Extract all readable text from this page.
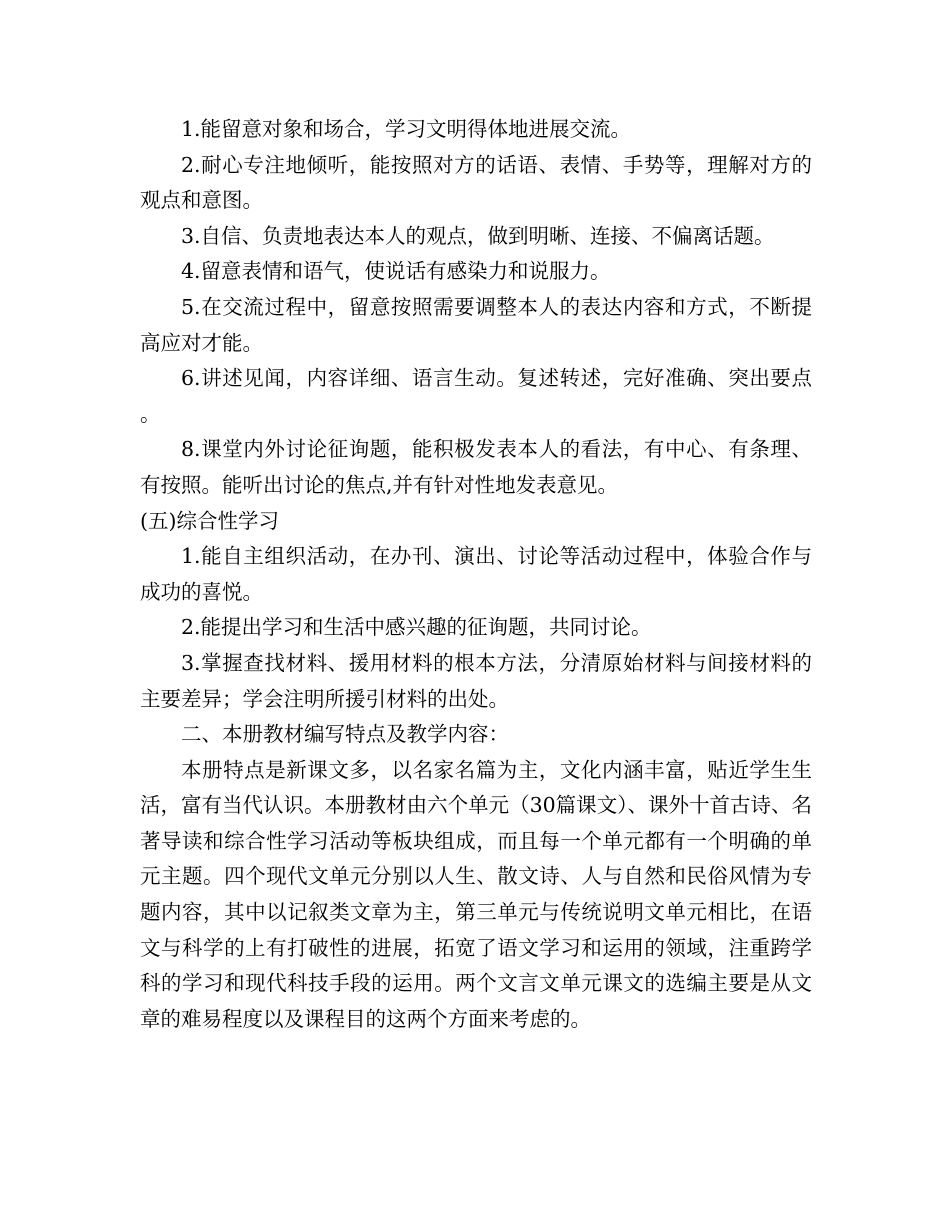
1.能留意对象和场合，学习文明得体地进展交流。

2.耐心专注地倾听，能按照对方的话语、表情、手势等，理解对方的观点和意图。

3.自信、负责地表达本人的观点，做到明晰、连接、不偏离话题。

4.留意表情和语气，使说话有感染力和说服力。

5.在交流过程中，留意按照需要调整本人的表达内容和方式，不断提高应对才能。

6.讲述见闻，内容详细、语言生动。复述转述，完好准确、突出要点。

8.课堂内外讨论征询题，能积极发表本人的看法，有中心、有条理、有按照。能听出讨论的焦点,并有针对性地发表意见。

(五)综合性学习

1.能自主组织活动，在办刊、演出、讨论等活动过程中，体验合作与成功的喜悦。

2.能提出学习和生活中感兴趣的征询题，共同讨论。

3.掌握查找材料、援用材料的根本方法，分清原始材料与间接材料的主要差异；学会注明所援引材料的出处。

二、本册教材编写特点及教学内容：

本册特点是新课文多，以名家名篇为主，文化内涵丰富，贴近学生生活，富有当代认识。本册教材由六个单元（30篇课文）、课外十首古诗、名著导读和综合性学习活动等板块组成，而且每一个单元都有一个明确的单元主题。四个现代文单元分别以人生、散文诗、人与自然和民俗风情为专题内容，其中以记叙类文章为主，第三单元与传统说明文单元相比，在语文与科学的上有打破性的进展，拓宽了语文学习和运用的领域，注重跨学科的学习和现代科技手段的运用。两个文言文单元课文的选编主要是从文章的难易程度以及课程目的这两个方面来考虑的。
